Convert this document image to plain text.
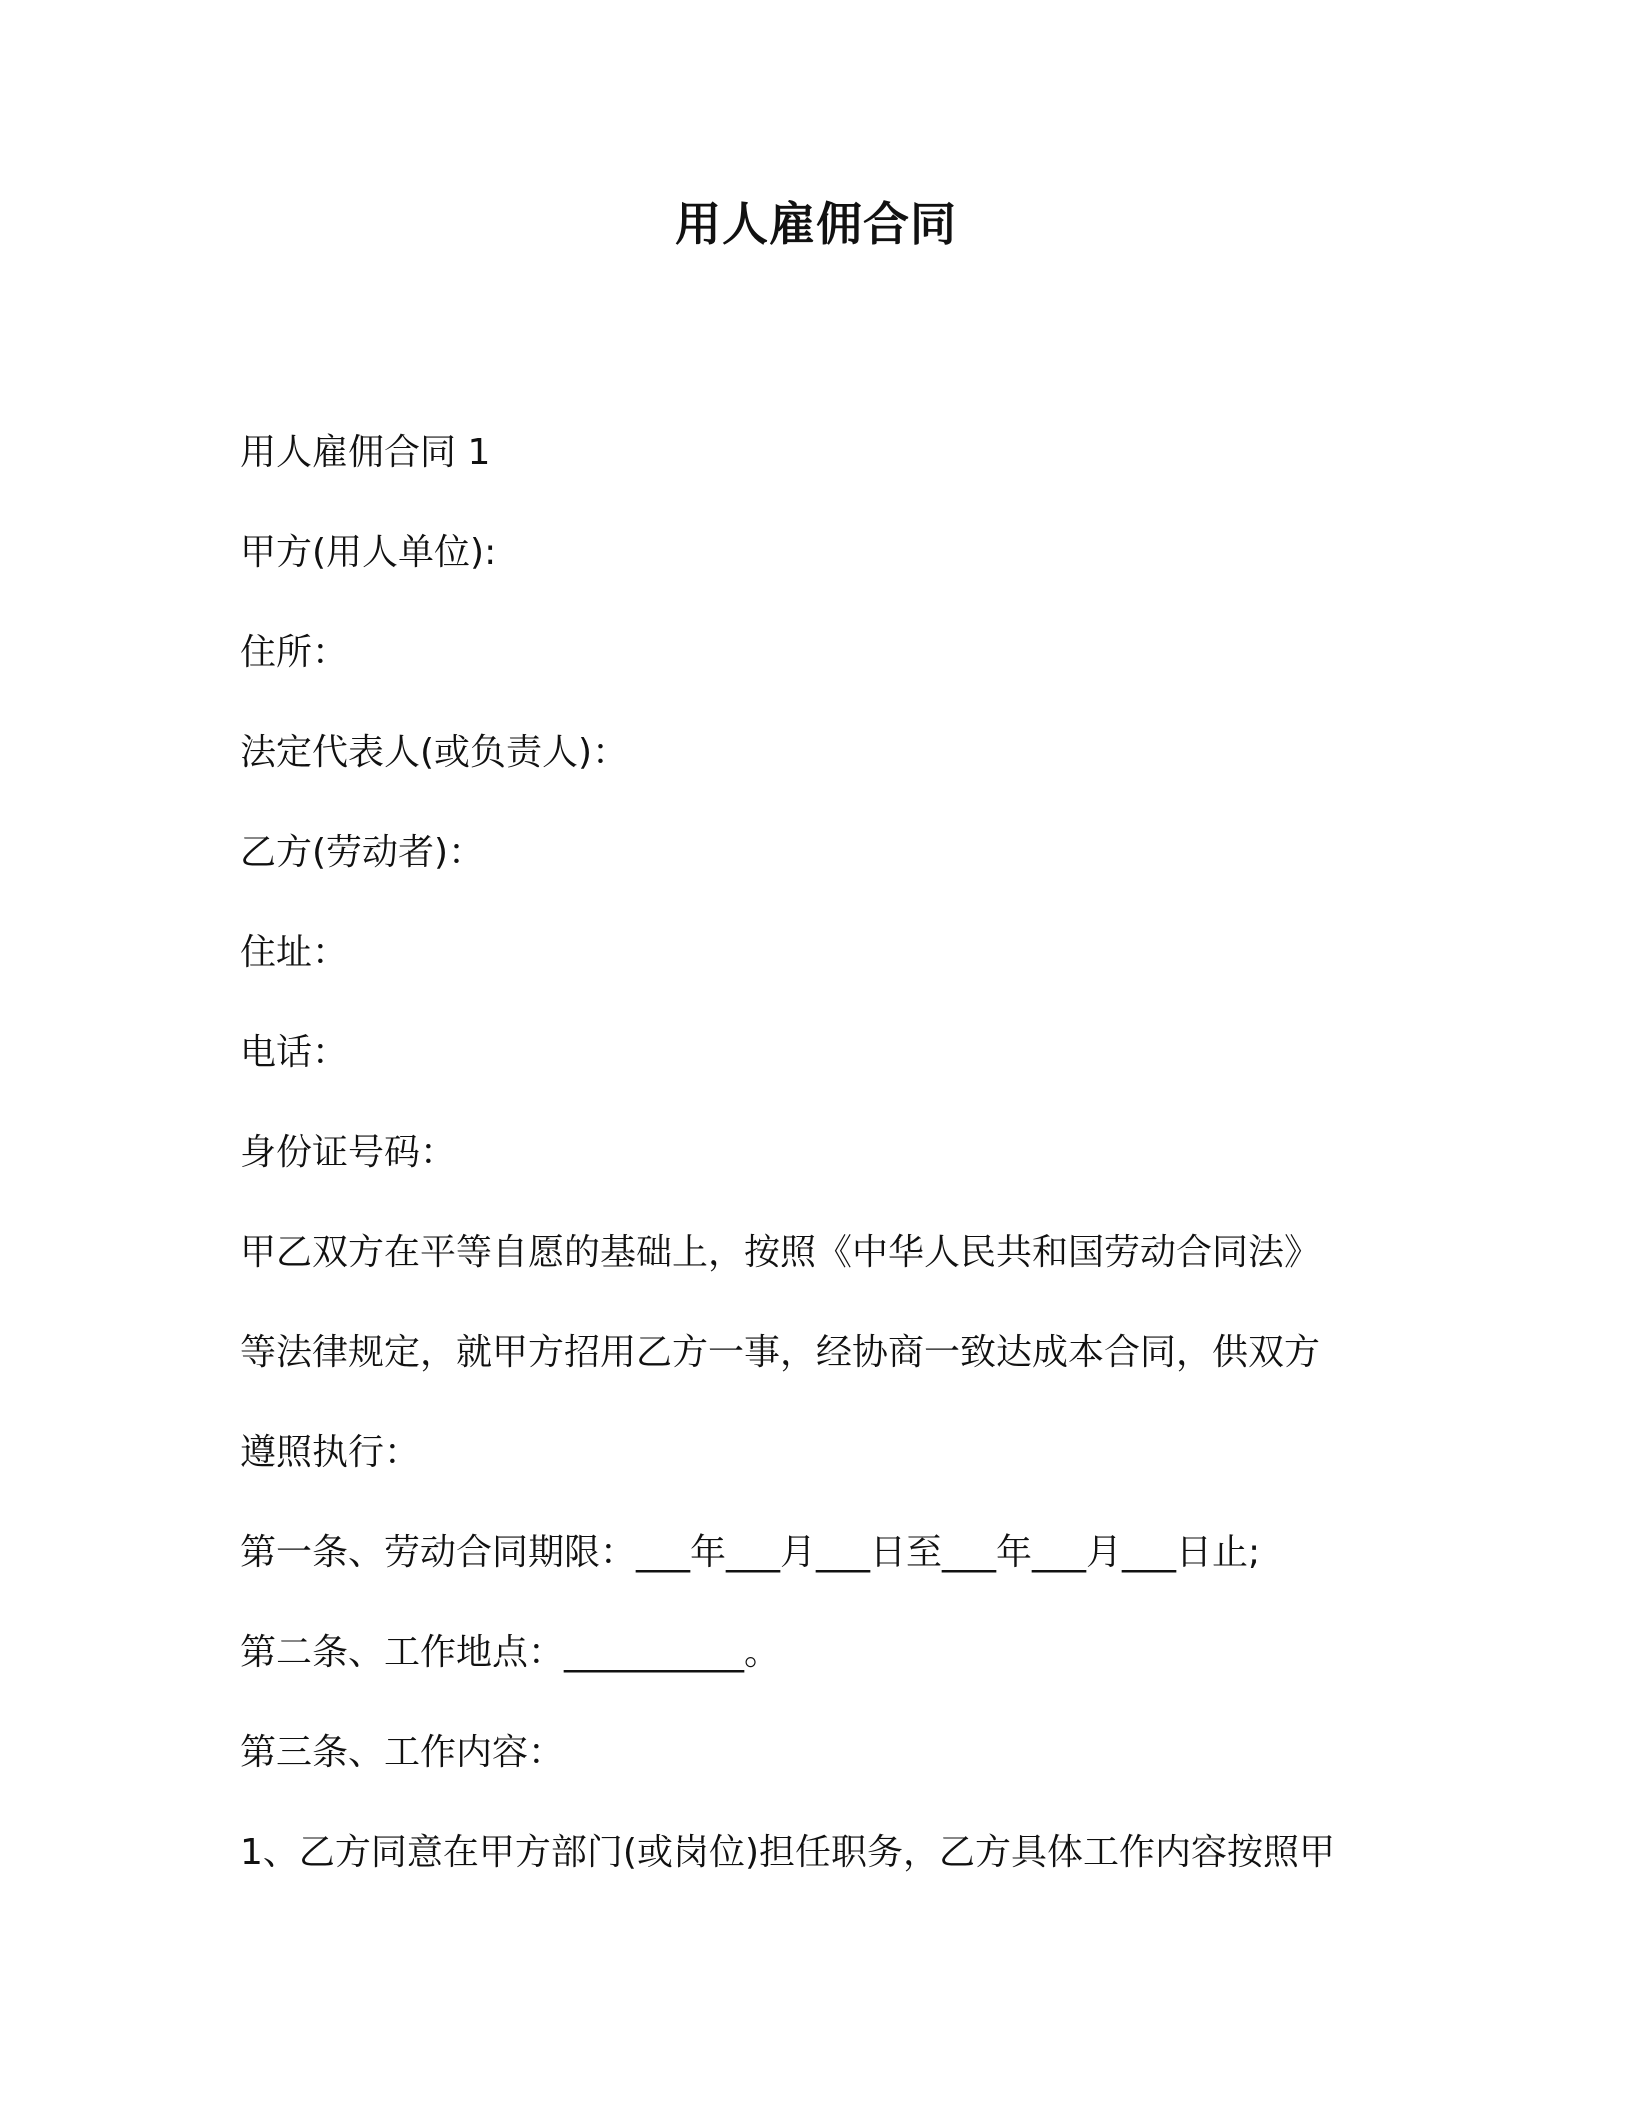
用人雇佣合同
用人雇佣合同 1
甲方(用人单位):
住所：
法定代表人(或负责人)：
乙方(劳动者)：
住址：
电话：
身份证号码：
甲乙双方在平等自愿的基础上，按照《中华人民共和国劳动合同法》
等法律规定，就甲方招用乙方一事，经协商一致达成本合同，供双方
遵照执行：
第一条、劳动合同期限：___年___月___日至___年___月___日止;
第二条、工作地点：__________。
第三条、工作内容：
1、乙方同意在甲方部门(或岗位)担任职务，乙方具体工作内容按照甲
